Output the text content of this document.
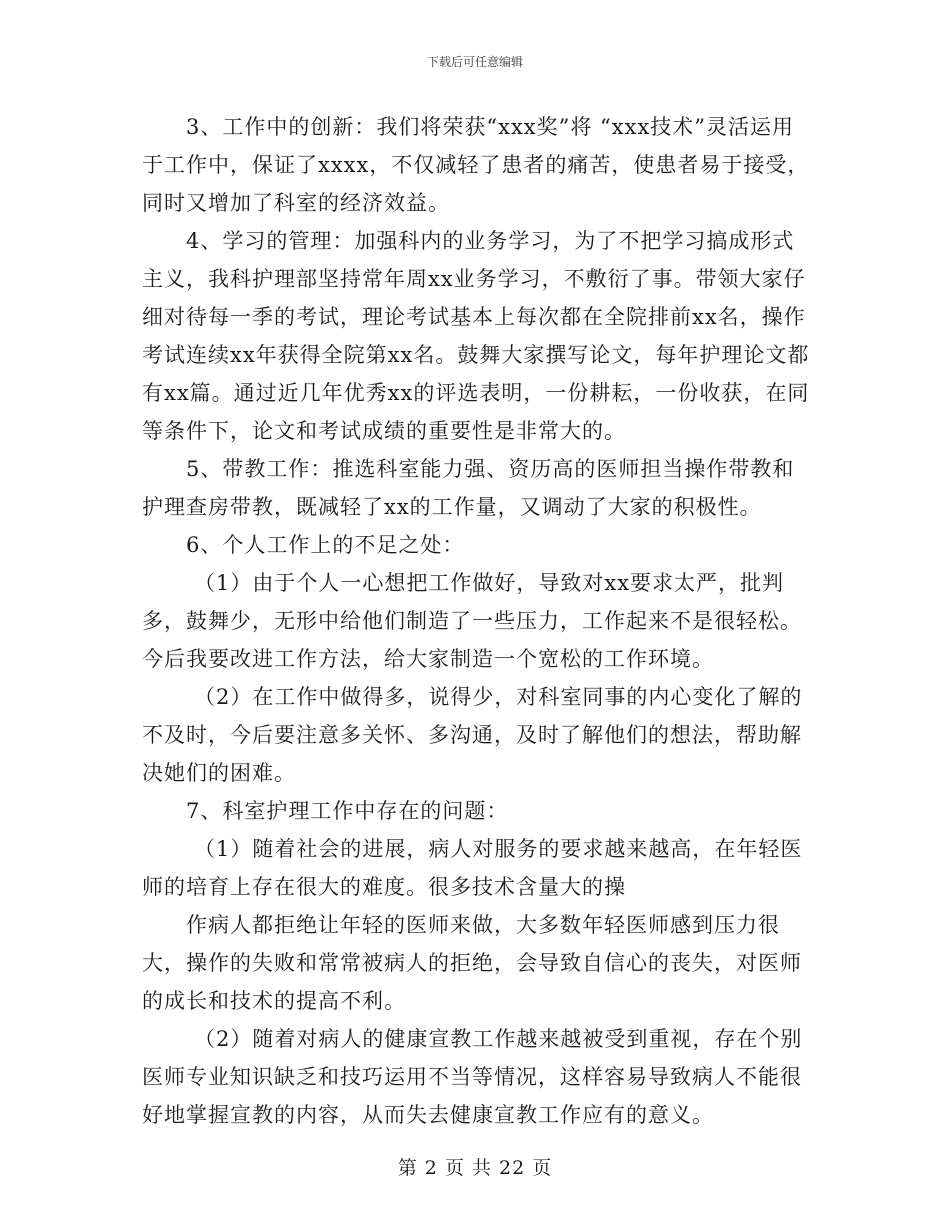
下载后可任意编辑

3、工作中的创新：我们将荣获“xxx奖”将 “xxx技术”灵活运用于工作中，保证了xxxx，不仅减轻了患者的痛苦，使患者易于接受，同时又增加了科室的经济效益。

4、学习的管理：加强科内的业务学习，为了不把学习搞成形式主义，我科护理部坚持常年周xx业务学习，不敷衍了事。带领大家仔细对待每一季的考试，理论考试基本上每次都在全院排前xx名，操作考试连续xx年获得全院第xx名。鼓舞大家撰写论文，每年护理论文都有xx篇。通过近几年优秀xx的评选表明，一份耕耘，一份收获，在同等条件下，论文和考试成绩的重要性是非常大的。

5、带教工作：推选科室能力强、资历高的医师担当操作带教和护理查房带教，既减轻了xx的工作量，又调动了大家的积极性。

6、个人工作上的不足之处：

（1）由于个人一心想把工作做好，导致对xx要求太严，批判多，鼓舞少，无形中给他们制造了一些压力，工作起来不是很轻松。今后我要改进工作方法，给大家制造一个宽松的工作环境。

（2）在工作中做得多，说得少，对科室同事的内心变化了解的不及时，今后要注意多关怀、多沟通，及时了解他们的想法，帮助解决她们的困难。

7、科室护理工作中存在的问题：

（1）随着社会的进展，病人对服务的要求越来越高，在年轻医师的培育上存在很大的难度。很多技术含量大的操

作病人都拒绝让年轻的医师来做，大多数年轻医师感到压力很大，操作的失败和常常被病人的拒绝，会导致自信心的丧失，对医师的成长和技术的提高不利。

（2）随着对病人的健康宣教工作越来越被受到重视，存在个别医师专业知识缺乏和技巧运用不当等情况，这样容易导致病人不能很好地掌握宣教的内容，从而失去健康宣教工作应有的意义。

第 2 页 共 22 页
